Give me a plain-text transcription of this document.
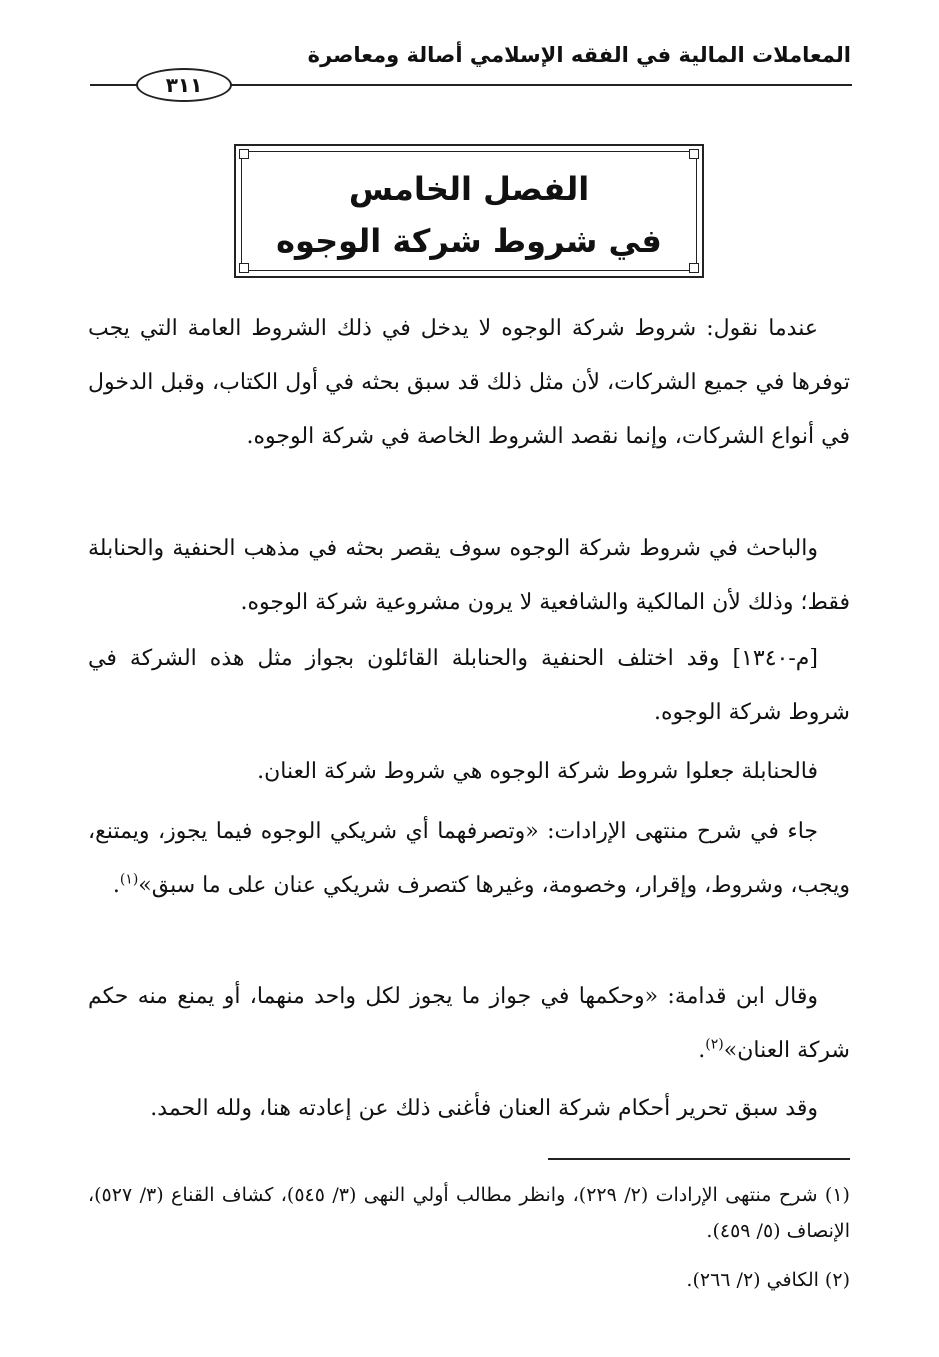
المعاملات المالية في الفقه الإسلامي أصالة ومعاصرة
٣١١
الفصل الخامس
في شروط شركة الوجوه

عندما نقول: شروط شركة الوجوه لا يدخل في ذلك الشروط العامة التي يجب توفرها في جميع الشركات، لأن مثل ذلك قد سبق بحثه في أول الكتاب، وقبل الدخول في أنواع الشركات، وإنما نقصد الشروط الخاصة في شركة الوجوه.

والباحث في شروط شركة الوجوه سوف يقصر بحثه في مذهب الحنفية والحنابلة فقط؛ وذلك لأن المالكية والشافعية لا يرون مشروعية شركة الوجوه.

[م-١٣٤٠] وقد اختلف الحنفية والحنابلة القائلون بجواز مثل هذه الشركة في شروط شركة الوجوه.

فالحنابلة جعلوا شروط شركة الوجوه هي شروط شركة العنان.

جاء في شرح منتهى الإرادات: «وتصرفهما أي شريكي الوجوه فيما يجوز، ويمتنع، ويجب، وشروط، وإقرار، وخصومة، وغيرها كتصرف شريكي عنان على ما سبق»$^{(١)}$.

وقال ابن قدامة: «وحكمها في جواز ما يجوز لكل واحد منهما، أو يمنع منه حكم شركة العنان»$^{(٢)}$.

وقد سبق تحرير أحكام شركة العنان فأغنى ذلك عن إعادته هنا، ولله الحمد.

(١) شرح منتهى الإرادات (٢/ ٢٢٩)، وانظر مطالب أولي النهى (٣/ ٥٤٥)، كشاف القناع (٣/ ٥٢٧)، الإنصاف (٥/ ٤٥٩).

(٢) الكافي (٢/ ٢٦٦).
